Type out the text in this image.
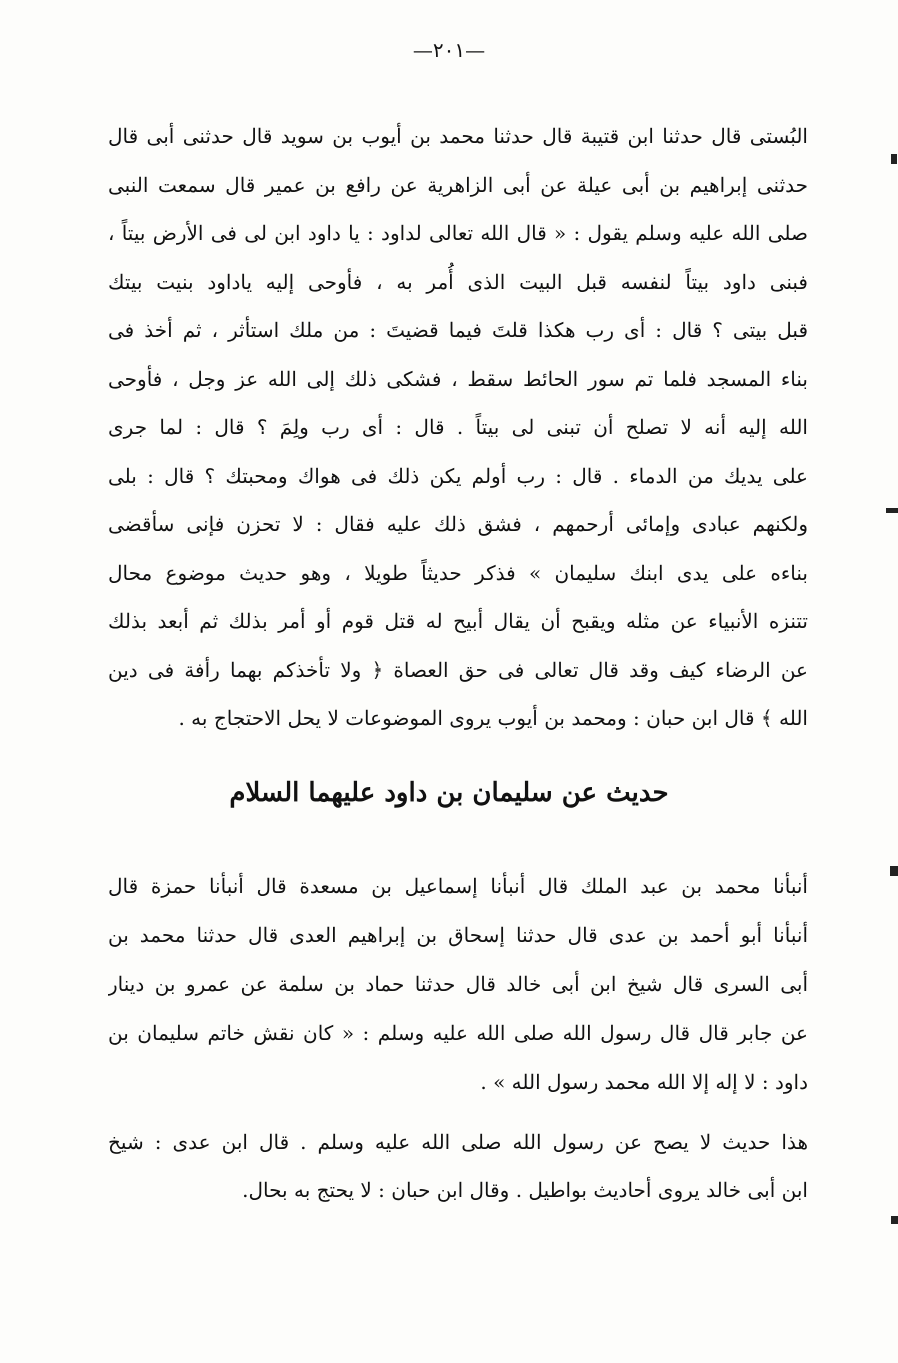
—٢٠١—
البُستى قال حدثنا ابن قتيبة قال حدثنا محمد بن أيوب بن سويد قال حدثنى أبى قال
حدثنى إبراهيم بن أبى عيلة عن أبى الزاهرية عن رافع بن عمير قال سمعت النبى
صلى الله عليه وسلم يقول : « قال الله تعالى لداود : يا داود ابن لى فى الأرض بيتاً ،
فبنى داود بيتاً لنفسه قبل البيت الذى أُمر به ، فأوحى إليه ياداود بنيت بيتك
قبل بيتى ؟ قال : أى رب هكذا قلتَ فيما قضيتَ : من ملك استأثر ، ثم أخذ فى
بناء المسجد فلما تم سور الحائط سقط ، فشكى ذلك إلى الله عز وجل ، فأوحى
الله إليه أنه لا تصلح أن تبنى لى بيتاً . قال : أى رب ولِمَ ؟ قال : لما جرى
على يديك من الدماء . قال : رب أولم يكن ذلك فى هواك ومحبتك ؟ قال : بلى
ولكنهم عبادى وإمائى أرحمهم ، فشق ذلك عليه فقال : لا تحزن فإنى سأقضى
بناءه على يدى ابنك سليمان » فذكر حديثاً طويلا ، وهو حديث موضوع محال
تتنزه الأنبياء عن مثله ويقبح أن يقال أبيح له قتل قوم أو أمر بذلك ثم أبعد بذلك
عن الرضاء كيف وقد قال تعالى فى حق العصاة ﴿ ولا تأخذكم بهما رأفة فى دين
الله ﴾ قال ابن حبان : ومحمد بن أيوب يروى الموضوعات لا يحل الاحتجاج به .
حديث عن سليمان بن داود عليهما السلام
أنبأنا محمد بن عبد الملك قال أنبأنا إسماعيل بن مسعدة قال أنبأنا حمزة قال
أنبأنا أبو أحمد بن عدى قال حدثنا إسحاق بن إبراهيم العدى قال حدثنا محمد بن
أبى السرى قال شيخ ابن أبى خالد قال حدثنا حماد بن سلمة عن عمرو بن دينار
عن جابر قال قال رسول الله صلى الله عليه وسلم : « كان نقش خاتم سليمان بن
داود : لا إله إلا الله محمد رسول الله » .
هذا حديث لا يصح عن رسول الله صلى الله عليه وسلم . قال ابن عدى : شيخ
ابن أبى خالد يروى أحاديث بواطيل . وقال ابن حبان : لا يحتج به بحال.
